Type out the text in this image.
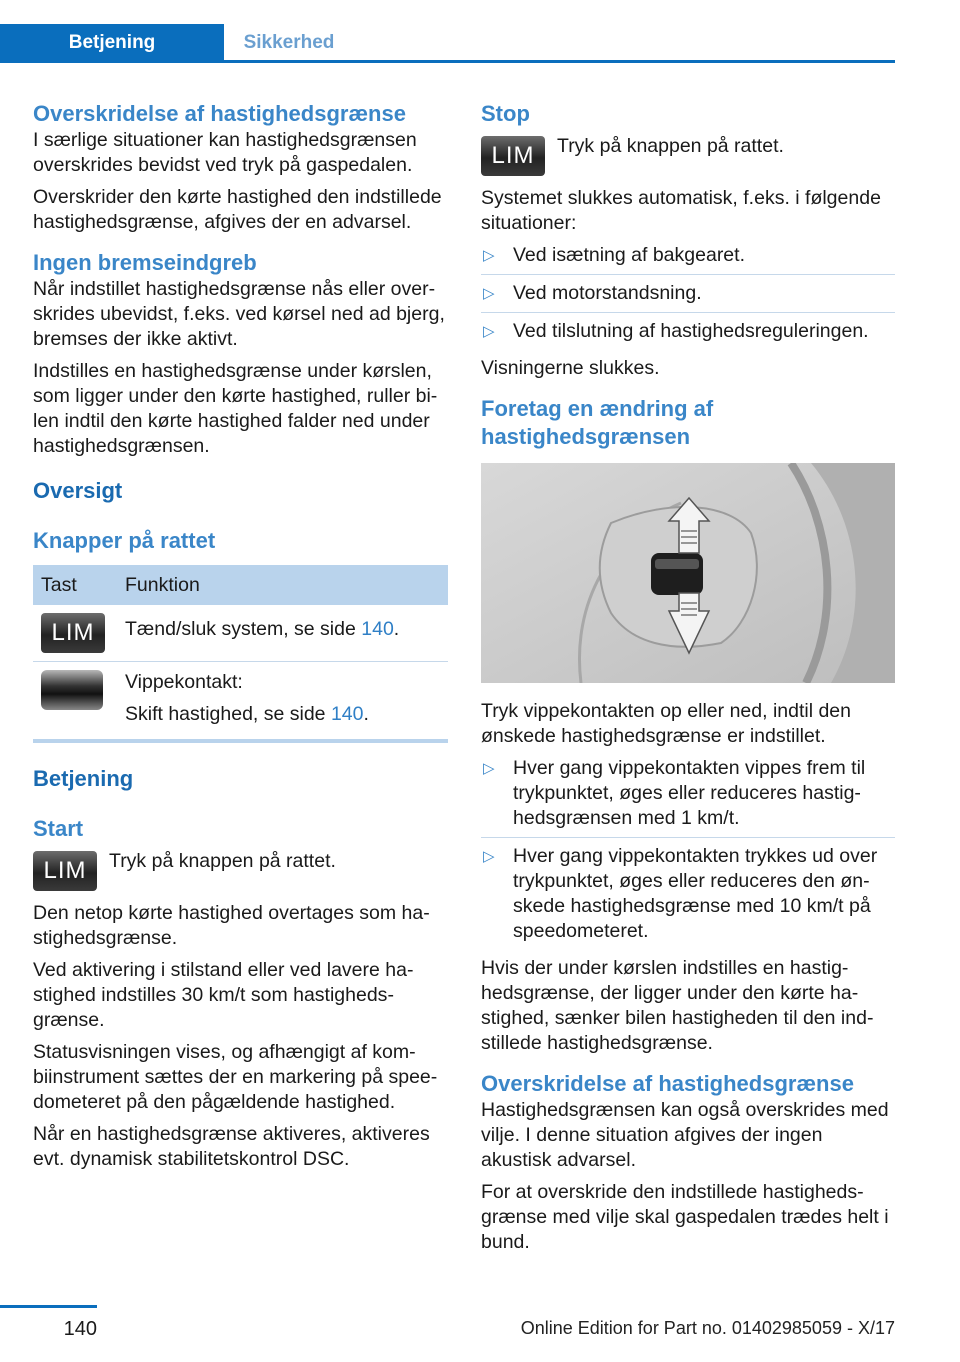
Betjening	Sikkerhed
Overskridelse af hastighedsgrænse

I særlige situationer kan hastighedsgrænsen overskrides bevidst ved tryk på gaspedalen.

Overskrider den kørte hastighed den indstillede hastighedsgrænse, afgives der en advarsel.

Ingen bremseindgreb

Når indstillet hastighedsgrænse nås eller overskrides ubevidst, f.eks. ved kørsel ned ad bjerg, bremses der ikke aktivt.

Indstilles en hastighedsgrænse under kørslen, som ligger under den kørte hastighed, ruller bilen indtil den kørte hastighed falder ned under hastighedsgrænsen.

Oversigt
Knapper på rattet
Tast	Funktion
LIM	Tænd/sluk system, se side 140.

	Vippekontakt:

Skift hastighed, se side 140.
Betjening
Start
LIM	Tryk på knappen på rattet.

Den netop kørte hastighed overtages som hastighedsgrænse.

Ved aktivering i stilstand eller ved lavere hastighed indstilles 30 km/t som hastighedsgrænse.

Statusvisningen vises, og afhængigt af kombiinstrument sættes der en markering på speedometeret på den pågældende hastighed.

Når en hastighedsgrænse aktiveres, aktiveres evt. dynamisk stabilitetskontrol DSC.

Stop
LIM	Tryk på knappen på rattet.

Systemet slukkes automatisk, f.eks. i følgende situationer:

▷ Ved isætning af bakgearet.
▷ Ved motorstandsning.
▷ Ved tilslutning af hastighedsreguleringen.

Visningerne slukkes.

Foretag en ændring af hastighedsgrænsen

Tryk vippekontakten op eller ned, indtil den ønskede hastighedsgrænse er indstillet.

▷ Hver gang vippekontakten vippes frem til trykpunktet, øges eller reduceres hastighedsgrænsen med 1 km/t.
▷ Hver gang vippekontakten trykkes ud over trykpunktet, øges eller reduceres den ønskede hastighedsgrænse med 10 km/t på speedometeret.

Hvis der under kørslen indstilles en hastighedsgrænse, der ligger under den kørte hastighed, sænker bilen hastigheden til den indstillede hastighedsgrænse.

Overskridelse af hastighedsgrænse

Hastighedsgrænsen kan også overskrides med vilje. I denne situation afgives der ingen akustisk advarsel.

For at overskride den indstillede hastighedsgrænse med vilje skal gaspedalen trædes helt i bund.

140	Online Edition for Part no. 01402985059 - X/17
